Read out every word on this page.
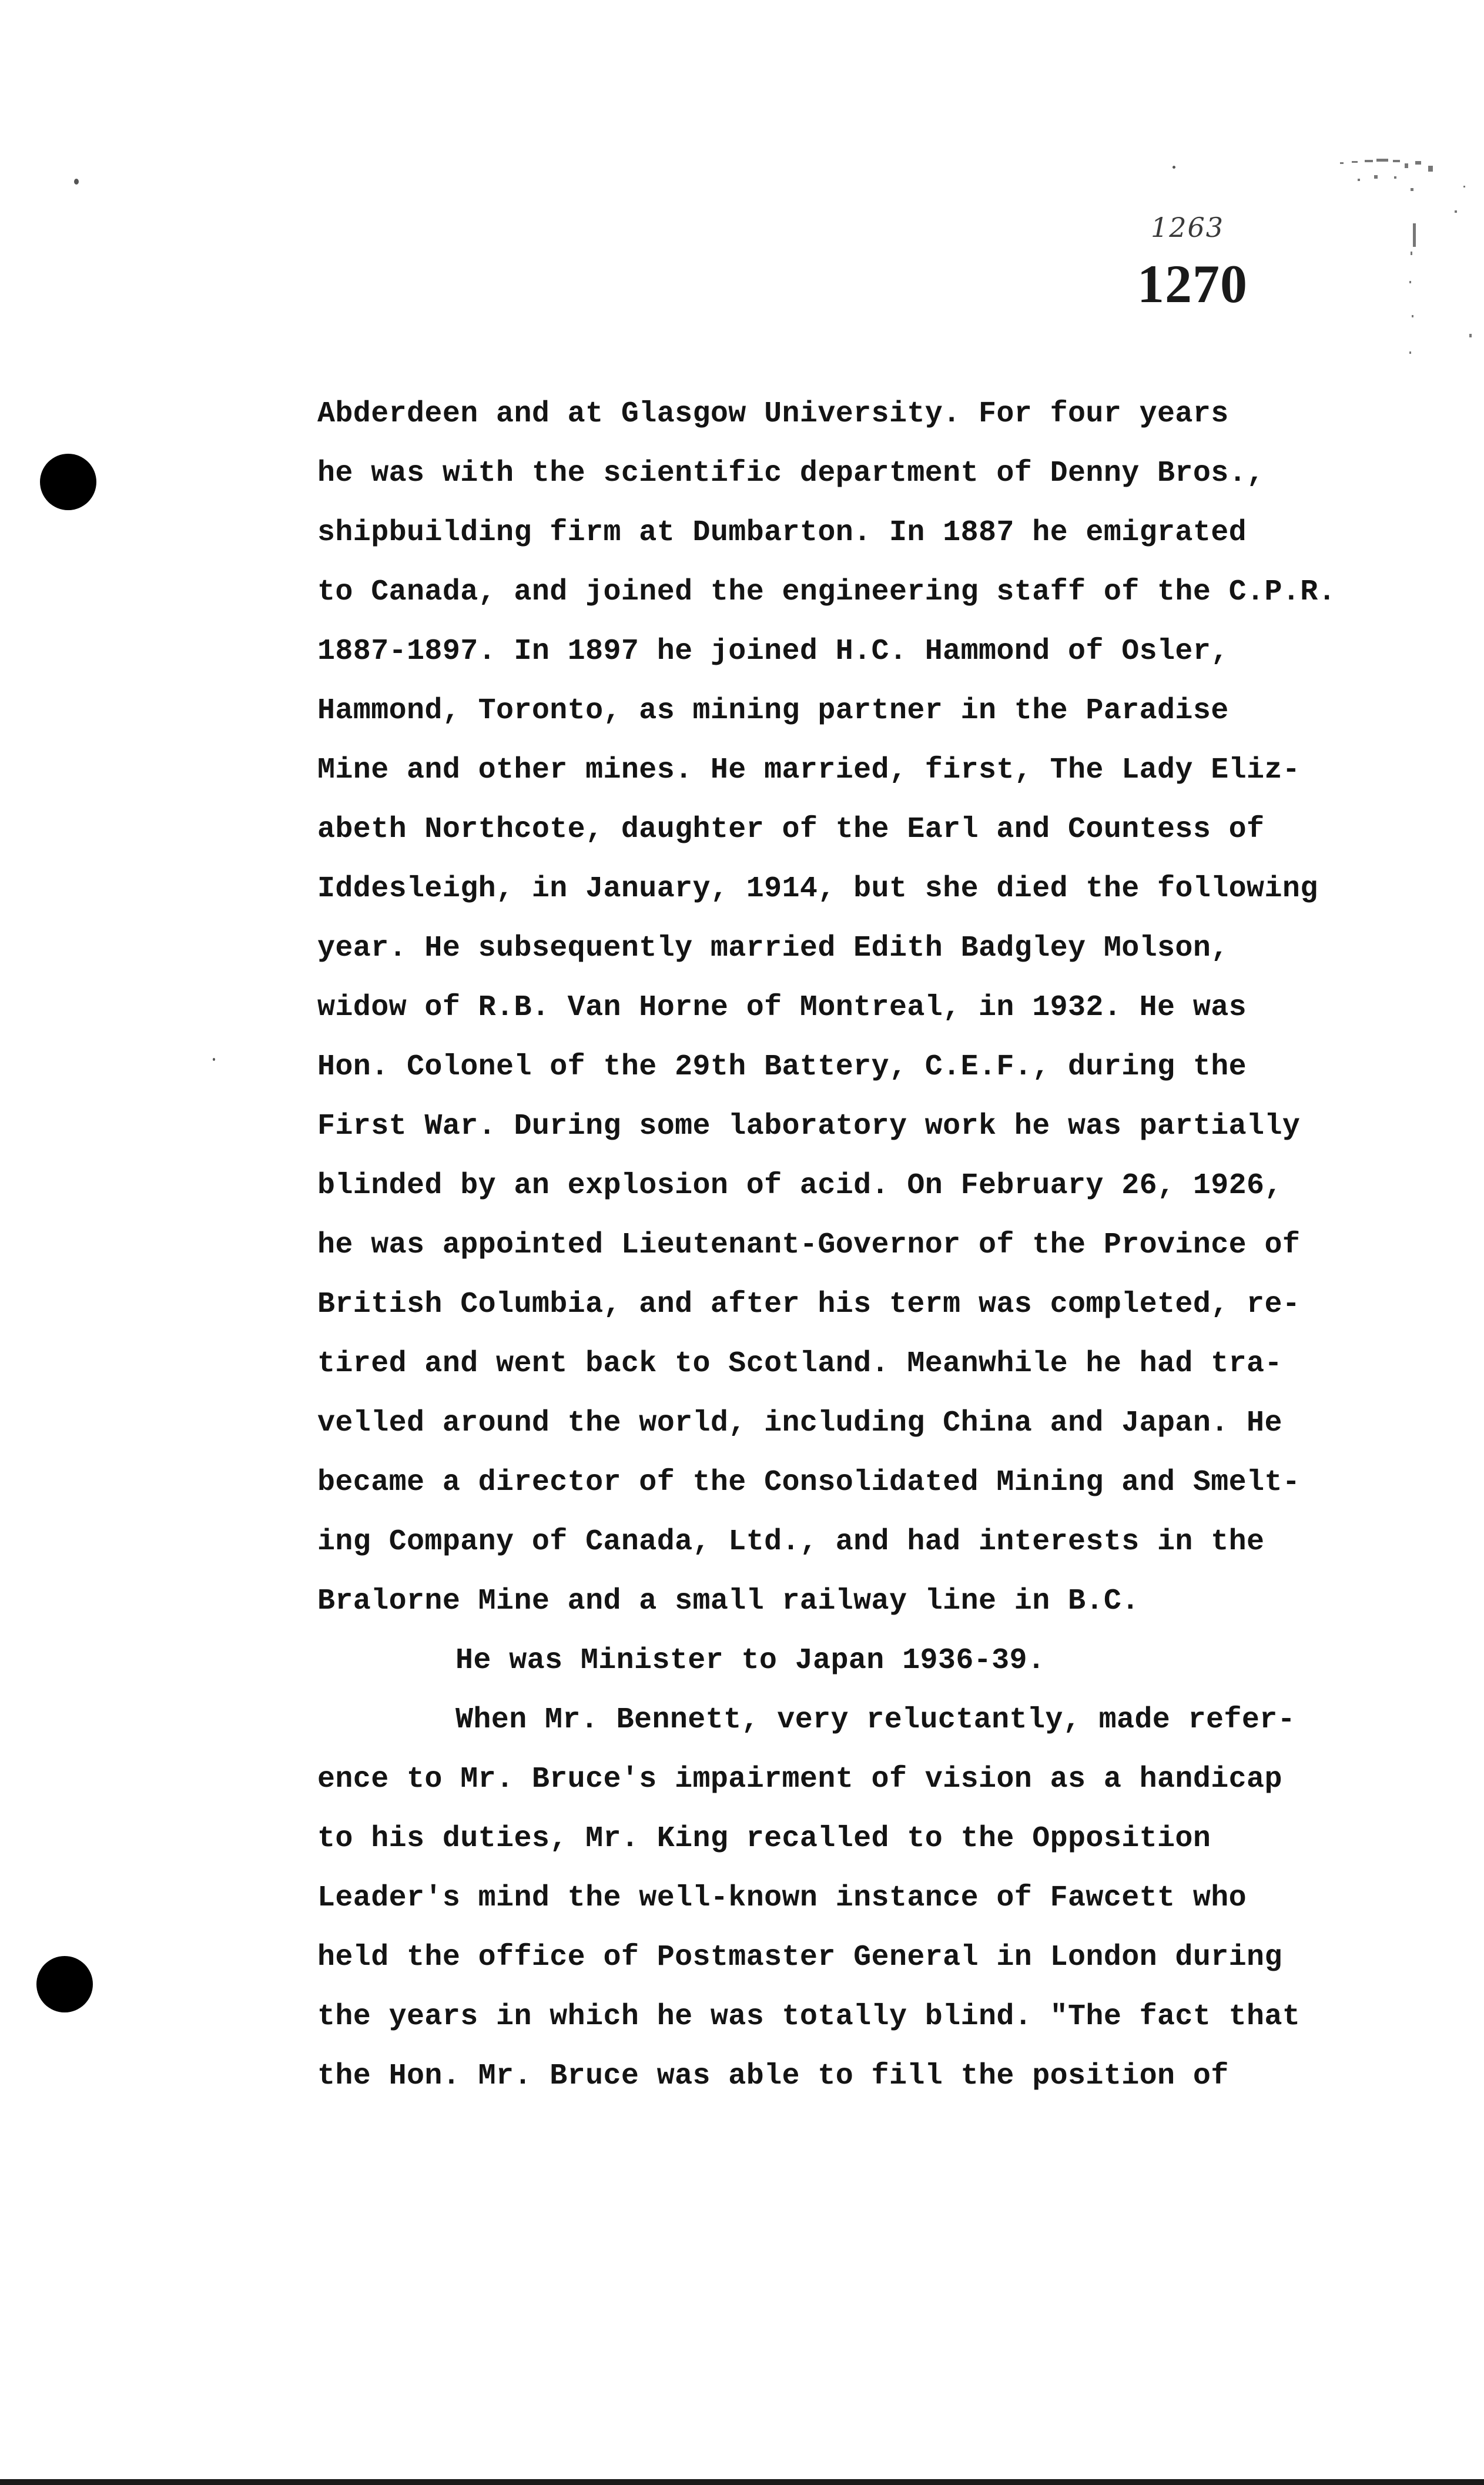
1263
1270
Abderdeen and at Glasgow University. For four years
he was with the scientific department of Denny Bros.,
shipbuilding firm at Dumbarton. In 1887 he emigrated
to Canada, and joined the engineering staff of the C.P.R.
1887-1897. In 1897 he joined H.C. Hammond of Osler,
Hammond, Toronto, as mining partner in the Paradise
Mine and other mines. He married, first, The Lady Eliz-
abeth Northcote, daughter of the Earl and Countess of
Iddesleigh, in January, 1914, but she died the following
year. He subsequently married Edith Badgley Molson,
widow of R.B. Van Horne of Montreal, in 1932. He was
Hon. Colonel of the 29th Battery, C.E.F., during the
First War. During some laboratory work he was partially
blinded by an explosion of acid. On February 26, 1926,
he was appointed Lieutenant-Governor of the Province of
British Columbia, and after his term was completed, re-
tired and went back to Scotland. Meanwhile he had tra-
velled around the world, including China and Japan. He
became a director of the Consolidated Mining and Smelt-
ing Company of Canada, Ltd., and had interests in the
Bralorne Mine and a small railway line in B.C.
He was Minister to Japan 1936-39.
When Mr. Bennett, very reluctantly, made refer-
ence to Mr. Bruce's impairment of vision as a handicap
to his duties, Mr. King recalled to the Opposition
Leader's mind the well-known instance of Fawcett who
held the office of Postmaster General in London during
the years in which he was totally blind. "The fact that
the Hon. Mr. Bruce was able to fill the position of
